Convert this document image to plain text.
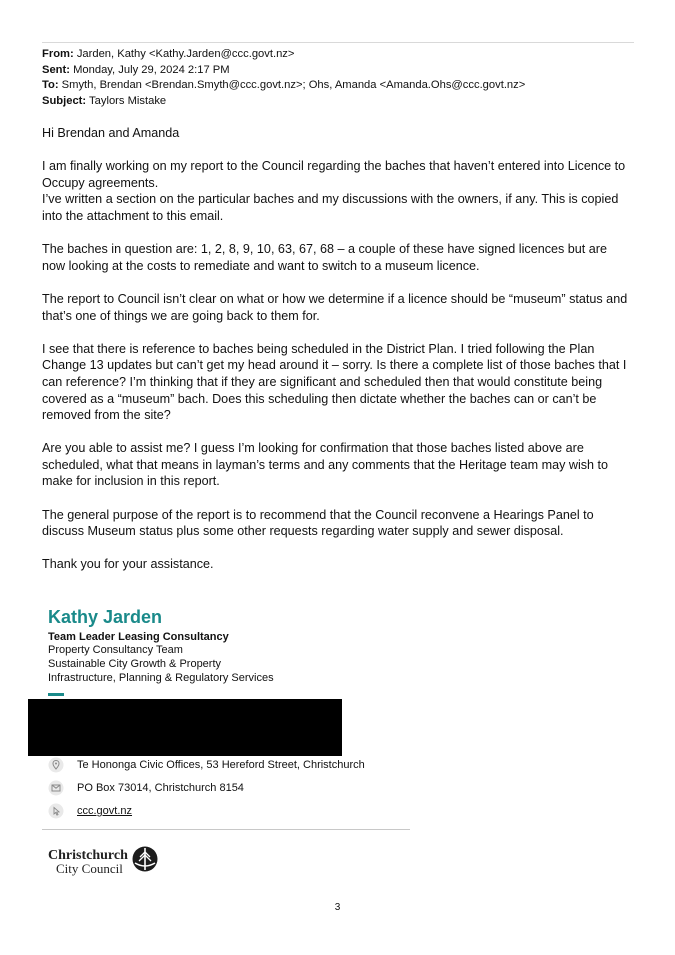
From: Jarden, Kathy <Kathy.Jarden@ccc.govt.nz>
Sent: Monday, July 29, 2024 2:17 PM
To: Smyth, Brendan <Brendan.Smyth@ccc.govt.nz>; Ohs, Amanda <Amanda.Ohs@ccc.govt.nz>
Subject: Taylors Mistake

Hi Brendan and Amanda

I am finally working on my report to the Council regarding the baches that haven’t entered into Licence to Occupy agreements.

I’ve written a section on the particular baches and my discussions with the owners, if any. This is copied into the attachment to this email.

The baches in question are: 1, 2, 8, 9, 10, 63, 67, 68 – a couple of these have signed licences but are now looking at the costs to remediate and want to switch to a museum licence.

The report to Council isn’t clear on what or how we determine if a licence should be “museum” status and that’s one of things we are going back to them for.

I see that there is reference to baches being scheduled in the District Plan. I tried following the Plan Change 13 updates but can’t get my head around it – sorry. Is there a complete list of those baches that I can reference? I’m thinking that if they are significant and scheduled then that would constitute being covered as a “museum” bach. Does this scheduling then dictate whether the baches can or can’t be removed from the site?

Are you able to assist me? I guess I’m looking for confirmation that those baches listed above are scheduled, what that means in layman’s terms and any comments that the Heritage team may wish to make for inclusion in this report.

The general purpose of the report is to recommend that the Council reconvene a Hearings Panel to discuss Museum status plus some other requests regarding water supply and sewer disposal.

Thank you for your assistance.

Kathy Jarden
Team Leader Leasing Consultancy
Property Consultancy Team
Sustainable City Growth & Property
Infrastructure, Planning & Regulatory Services
Te Hononga Civic Offices, 53 Hereford Street, Christchurch
PO Box 73014, Christchurch 8154
ccc.govt.nz
Christchurch
City Council
3
